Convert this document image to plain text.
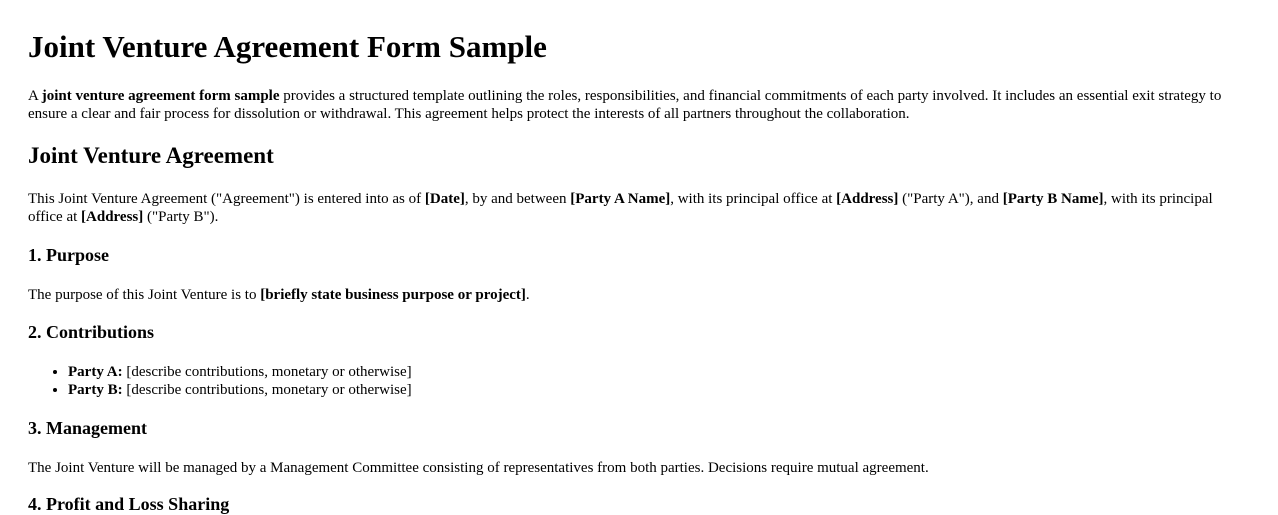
Joint Venture Agreement Form Sample

A joint venture agreement form sample provides a structured template outlining the roles, responsibilities, and financial commitments of each party involved. It includes an essential exit strategy to ensure a clear and fair process for dissolution or withdrawal. This agreement helps protect the interests of all partners throughout the collaboration.

Joint Venture Agreement

This Joint Venture Agreement ("Agreement") is entered into as of [Date], by and between [Party A Name], with its principal office at [Address] ("Party A"), and [Party B Name], with its principal office at [Address] ("Party B").

1. Purpose

The purpose of this Joint Venture is to [briefly state business purpose or project].

2. Contributions
• Party A: [describe contributions, monetary or otherwise]
• Party B: [describe contributions, monetary or otherwise]
3. Management

The Joint Venture will be managed by a Management Committee consisting of representatives from both parties. Decisions require mutual agreement.

4. Profit and Loss Sharing
